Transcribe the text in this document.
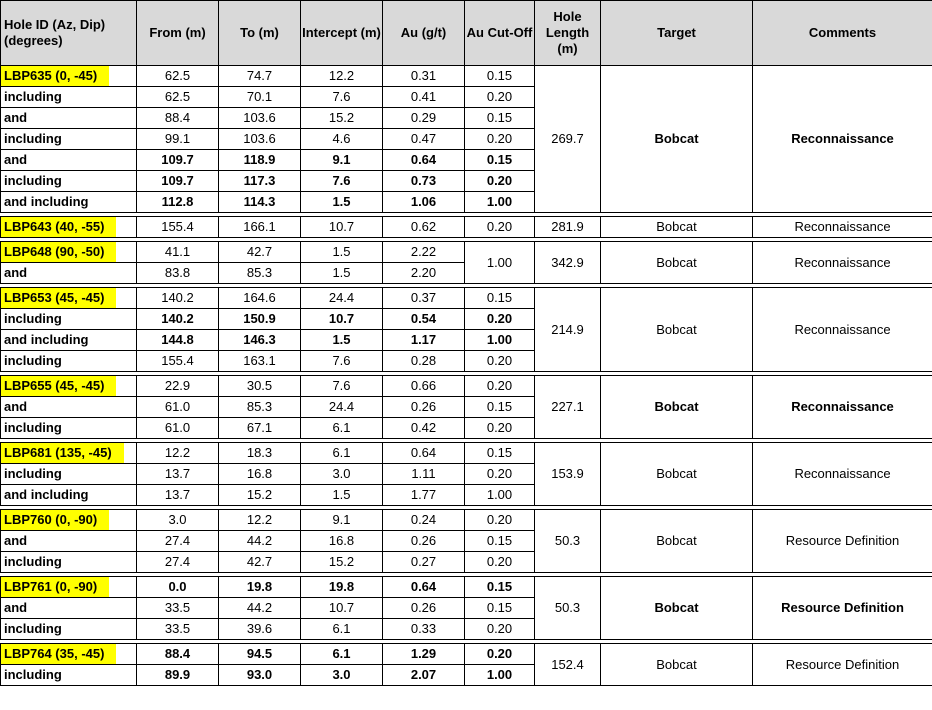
Hole ID (Az, Dip) (degrees)	From (m)	To (m)	Intercept (m)	Au (g/t)	Au Cut-Off	Hole Length (m)	Target	Comments
LBP635 (0, -45)	62.5	74.7	12.2	0.31	0.15	269.7	Bobcat	Reconnaissance
including	62.5	70.1	7.6	0.41	0.20			
and	88.4	103.6	15.2	0.29	0.15			
including	99.1	103.6	4.6	0.47	0.20			
and	109.7	118.9	9.1	0.64	0.15			
including	109.7	117.3	7.6	0.73	0.20			
and including	112.8	114.3	1.5	1.06	1.00			

LBP643 (40, -55)	155.4	166.1	10.7	0.62	0.20	281.9	Bobcat	Reconnaissance

LBP648 (90, -50)	41.1	42.7	1.5	2.22	1.00	342.9	Bobcat	Reconnaissance
and	83.8	85.3	1.5	2.20				

LBP653 (45, -45)	140.2	164.6	24.4	0.37	0.15	214.9	Bobcat	Reconnaissance
including	140.2	150.9	10.7	0.54	0.20			
and including	144.8	146.3	1.5	1.17	1.00			
including	155.4	163.1	7.6	0.28	0.20			

LBP655 (45, -45)	22.9	30.5	7.6	0.66	0.20	227.1	Bobcat	Reconnaissance
and	61.0	85.3	24.4	0.26	0.15			
including	61.0	67.1	6.1	0.42	0.20			

LBP681 (135, -45)	12.2	18.3	6.1	0.64	0.15	153.9	Bobcat	Reconnaissance
including	13.7	16.8	3.0	1.11	0.20			
and including	13.7	15.2	1.5	1.77	1.00			

LBP760 (0, -90)	3.0	12.2	9.1	0.24	0.20	50.3	Bobcat	Resource Definition
and	27.4	44.2	16.8	0.26	0.15			
including	27.4	42.7	15.2	0.27	0.20			

LBP761 (0, -90)	0.0	19.8	19.8	0.64	0.15	50.3	Bobcat	Resource Definition
and	33.5	44.2	10.7	0.26	0.15			
including	33.5	39.6	6.1	0.33	0.20			

LBP764 (35, -45)	88.4	94.5	6.1	1.29	0.20	152.4	Bobcat	Resource Definition
including	89.9	93.0	3.0	2.07	1.00			
